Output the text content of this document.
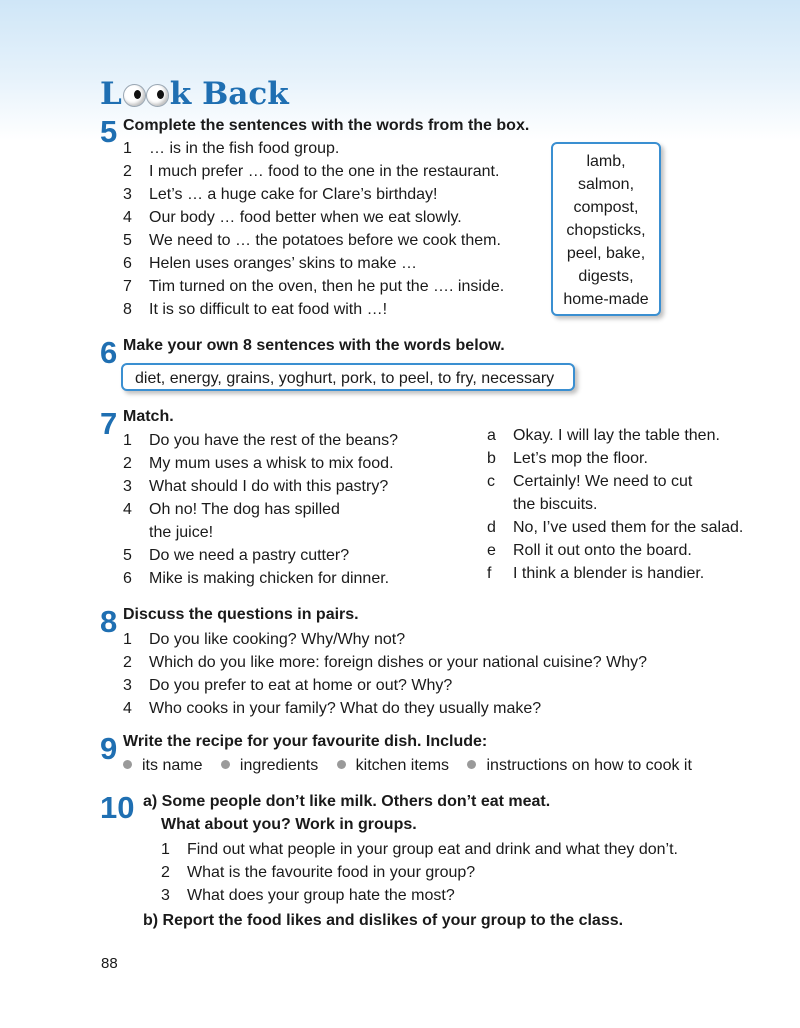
L k Back
5 Complete the sentences with the words from the box.
1 … is in the fish food group.
2 I much prefer … food to the one in the restaurant.
3 Let’s … a huge cake for Clare’s birthday!
4 Our body … food better when we eat slowly.
5 We need to … the potatoes before we cook them.
6 Helen uses oranges’ skins to make …
7 Tim turned on the oven, then he put the …. inside.
8 It is so difficult to eat food with …!
lamb,
salmon,
compost,
chopsticks,
peel, bake,
digests,
home-made
6 Make your own 8 sentences with the words below.
diet, energy, grains, yoghurt, pork, to peel, to fry, necessary
7 Match.
1 Do you have the rest of the beans?
2 My mum uses a whisk to mix food.
3 What should I do with this pastry?
4 Oh no! The dog has spilled
the juice!
5 Do we need a pastry cutter?
6 Mike is making chicken for dinner.
a Okay. I will lay the table then.
b Let’s mop the floor.
c Certainly! We need to cut
the biscuits.
d No, I’ve used them for the salad.
e Roll it out onto the board.
f I think a blender is handier.
8 Discuss the questions in pairs.
1 Do you like cooking? Why/Why not?
2 Which do you like more: foreign dishes or your national cuisine? Why?
3 Do you prefer to eat at home or out? Why?
4 Who cooks in your family? What do they usually make?
9 Write the recipe for your favourite dish. Include:
its name ingredients kitchen items instructions on how to cook it
10 a) Some people don’t like milk. Others don’t eat meat.
What about you? Work in groups.
1 Find out what people in your group eat and drink and what they don’t.
2 What is the favourite food in your group?
3 What does your group hate the most?
b) Report the food likes and dislikes of your group to the class.
88
